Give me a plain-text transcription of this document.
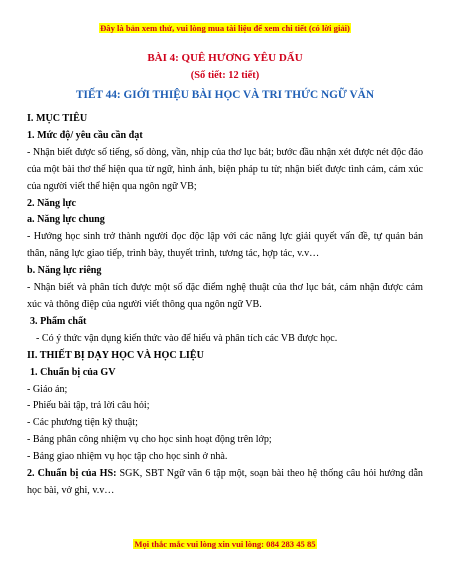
Đây là bản xem thử, vui lòng mua tài liệu để xem chi tiết (có lời giải)
BÀI 4: QUÊ HƯƠNG YÊU DẤU
(Số tiết: 12 tiết)
TIẾT 44: GIỚI THIỆU BÀI HỌC VÀ TRI THỨC NGỮ VĂN

I. MỤC TIÊU

1. Mức độ/ yêu cầu cần đạt

- Nhận biết được số tiếng, số dòng, vần, nhịp của thơ lục bát; bước đầu nhận xét được nét độc đáo của một bài thơ thể hiện qua từ ngữ, hình ảnh, biện pháp tu từ; nhận biết được tình cảm, cảm xúc của người viết thể hiện qua ngôn ngữ VB;

2. Năng lực

a. Năng lực chung

- Hướng học sinh trở thành người đọc độc lập với các năng lực giải quyết vấn đề, tự quản bản thân, năng lực giao tiếp, trình bày, thuyết trình, tương tác, hợp tác, v.v…

b. Năng lực riêng

- Nhận biết và phân tích được một số đặc điểm nghệ thuật của thơ lục bát, cảm nhận được cảm xúc và thông điệp của người viết thông qua ngôn ngữ VB.

3. Phẩm chất

- Có ý thức vận dụng kiến thức vào để hiểu và phân tích các VB được học.

II. THIẾT BỊ DẠY HỌC VÀ HỌC LIỆU

1. Chuẩn bị của GV

- Giáo án;

- Phiếu bài tập, trả lời câu hỏi;

- Các phương tiện kỹ thuật;

- Bảng phân công nhiệm vụ cho học sinh hoạt động trên lớp;

- Bảng giao nhiệm vụ học tập cho học sinh ở nhà.

2. Chuẩn bị của HS: SGK, SBT Ngữ văn 6 tập một, soạn bài theo hệ thống câu hỏi hướng dẫn học bài, vở ghi, v.v…

Mọi thắc mắc vui lòng xin vui lòng: 084 283 45 85
